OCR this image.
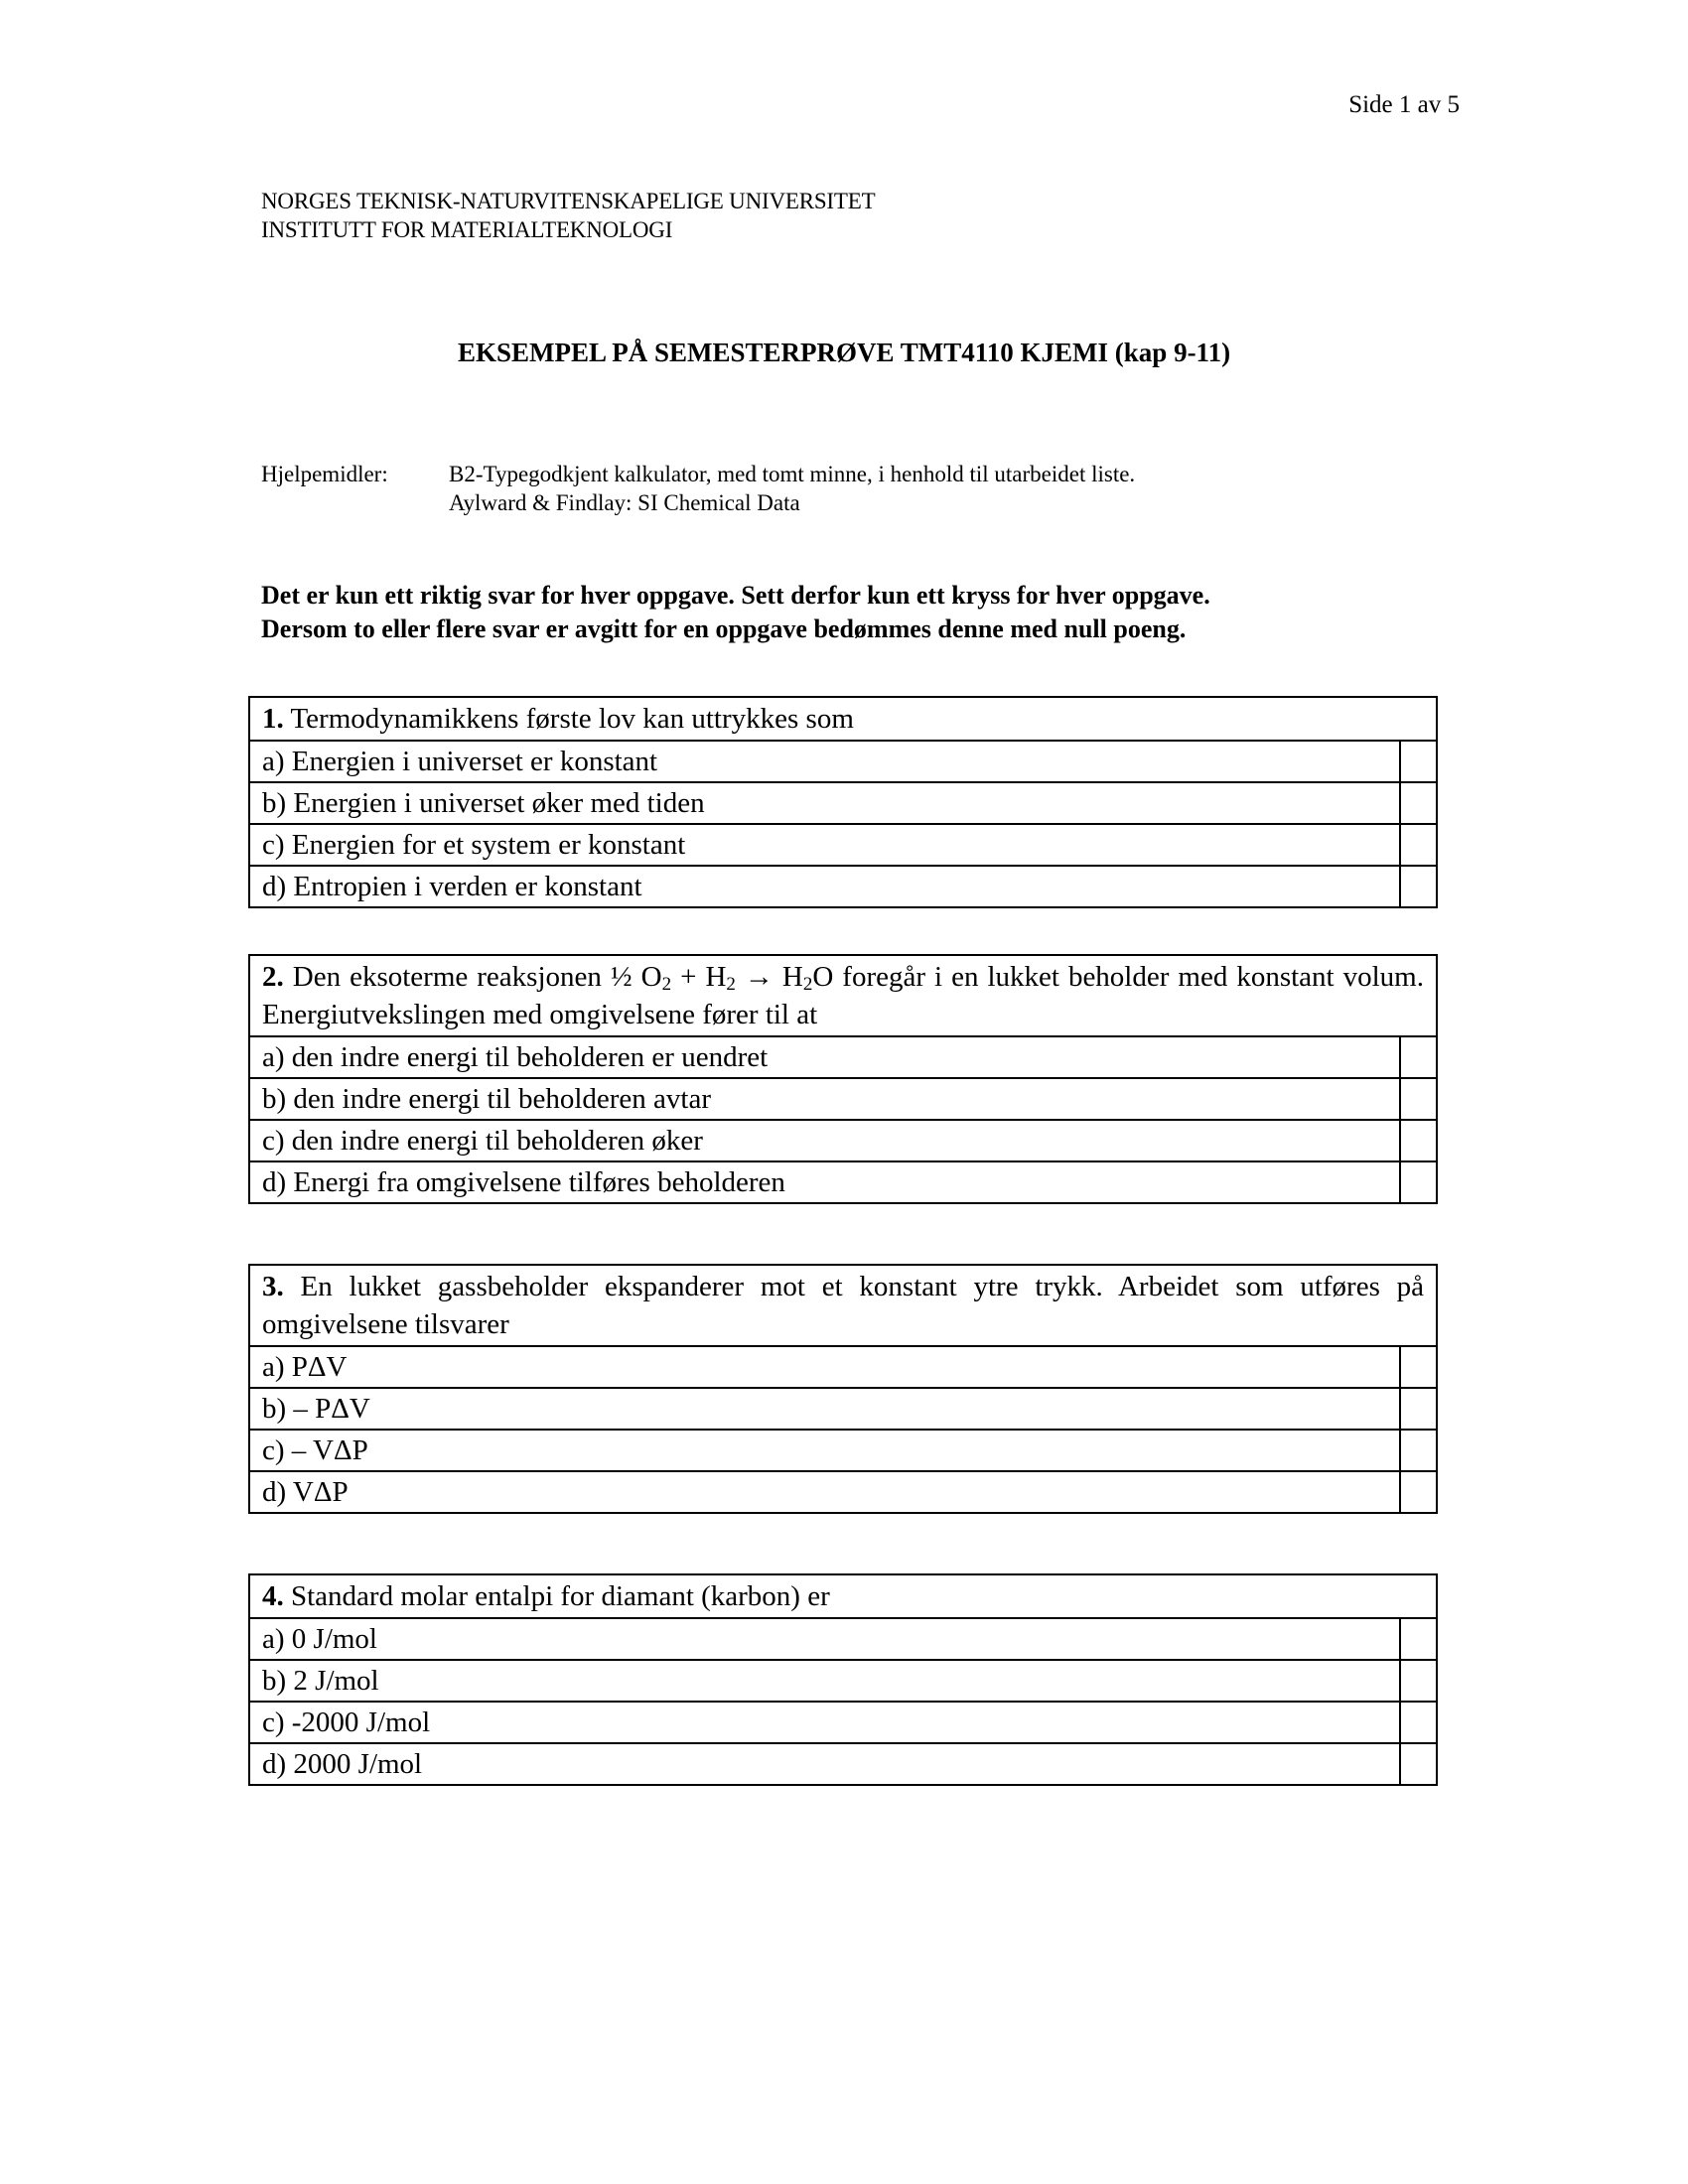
Side 1 av 5
NORGES TEKNISK-NATURVITENSKAPELIGE UNIVERSITET
INSTITUTT FOR MATERIALTEKNOLOGI
EKSEMPEL PÅ SEMESTERPRØVE TMT4110 KJEMI (kap 9-11)
Hjelpemidler:	B2-Typegodkjent kalkulator, med tomt minne, i henhold til utarbeidet liste.
Aylward & Findlay: SI Chemical Data
Det er kun ett riktig svar for hver oppgave. Sett derfor kun ett kryss for hver oppgave.
Dersom to eller flere svar er avgitt for en oppgave bedømmes denne med null poeng.
1. Termodynamikkens første lov kan uttrykkes som
a) Energien i universet er konstant
b) Energien i universet øker med tiden
c) Energien for et system er konstant
d) Entropien i verden er konstant
2. Den eksoterme reaksjonen ½ $O_2 + H_2 \to H_2O$ foregår i en lukket beholder med konstant volum. Energiutvekslingen med omgivelsene fører til at
a) den indre energi til beholderen er uendret
b) den indre energi til beholderen avtar
c) den indre energi til beholderen øker
d) Energi fra omgivelsene tilføres beholderen
3. En lukket gassbeholder ekspanderer mot et konstant ytre trykk. Arbeidet som utføres på omgivelsene tilsvarer
a) PΔV
b) – PΔV
c) – VΔP
d) VΔP
4. Standard molar entalpi for diamant (karbon) er
a) 0 J/mol
b) 2 J/mol
c) -2000 J/mol
d) 2000 J/mol
